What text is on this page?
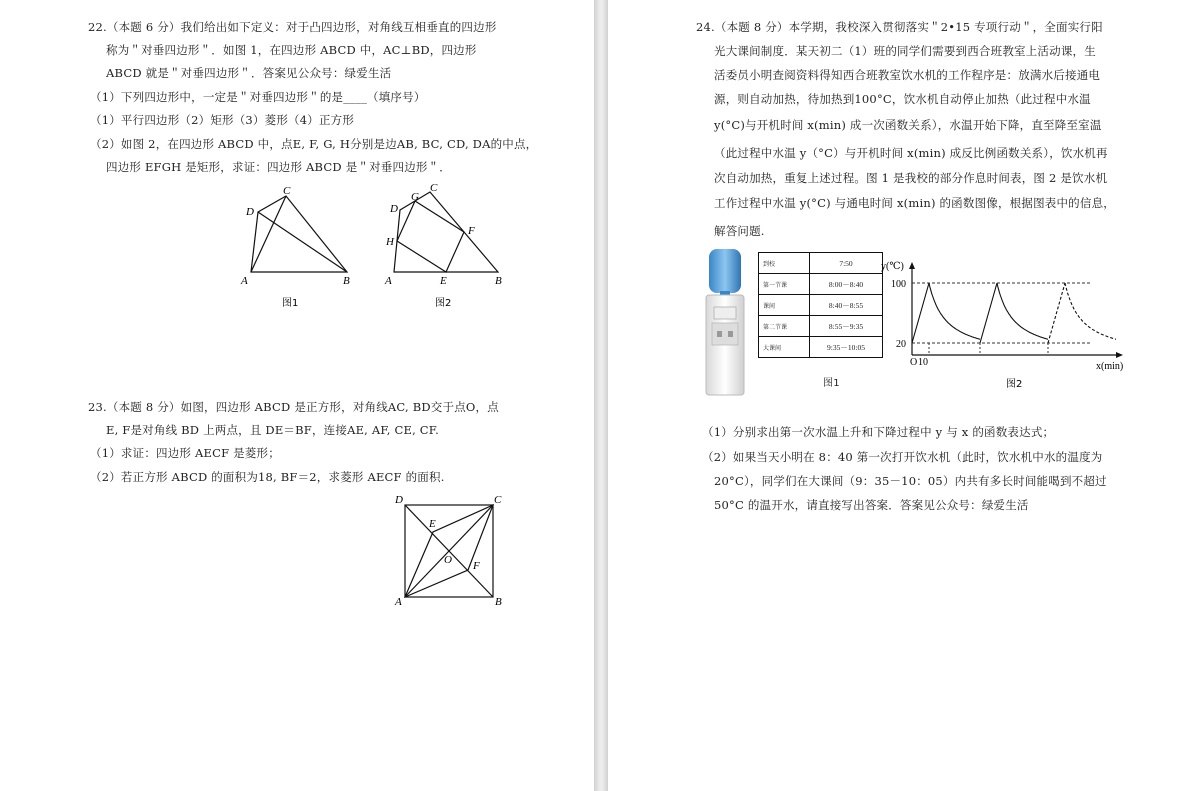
22.（本题 6 分）我们给出如下定义：对于凸四边形，对角线互相垂直的四边形
称为＂对垂四边形＂．如图 1，在四边形 ABCD 中，AC⊥BD，四边形
ABCD 就是＂对垂四边形＂．答案见公众号：绿爱生活
（1）下列四边形中，一定是＂对垂四边形＂的是____（填序号）
（1）平行四边形（2）矩形（3）菱形（4）正方形
（2）如图 2，在四边形 ABCD 中，点E, F, G, H分别是边AB, BC, CD, DA的中点，
四边形 EFGH 是矩形，求证：四边形 ABCD 是＂对垂四边形＂．
A	B
C
D
图1
A	B
C
D
E
F
G
H
图2
23.（本题 8 分）如图，四边形 ABCD 是正方形，对角线AC, BD交于点O，点
E, F是对角线 BD 上两点，且 DE＝BF，连接AE, AF, CE, CF.
（1）求证：四边形 AECF 是菱形；
（2）若正方形 ABCD 的面积为18, BF＝2，求菱形 AECF 的面积.
A	B
C
D
E
F
O
24.（本题 8 分）本学期，我校深入贯彻落实＂2•15 专项行动＂，全面实行阳
光大课间制度．某天初二（1）班的同学们需要到西合班教室上活动课，生
活委员小明查阅资料得知西合班教室饮水机的工作程序是：放满水后接通电
源，则自动加热，待加热到100°C，饮水机自动停止加热（此过程中水温
y(°C)与开机时间 x(min) 成一次函数关系），水温开始下降，直至降至室温
（此过程中水温 y（°C）与开机时间 x(min) 成反比例函数关系），饮水机再
次自动加热，重复上述过程。图 1 是我校的部分作息时间表，图 2 是饮水机
工作过程中水温 y(°C) 与通电时间 x(min) 的函数图像，根据图表中的信息，
解答问题.
到校	7:50
第一节课	8:00－8:40
课间	8:40－8:55
第二节课	8:55－9:35
大课间	9:35－10:05
图1
y(℃)
x(min)
100
20
O 10
图2
（1）分别求出第一次水温上升和下降过程中 y 与 x 的函数表达式；
（2）如果当天小明在 8：40 第一次打开饮水机（此时，饮水机中水的温度为
20°C），同学们在大课间（9：35－10：05）内共有多长时间能喝到不超过
50°C 的温开水，请直接写出答案．答案见公众号：绿爱生活
